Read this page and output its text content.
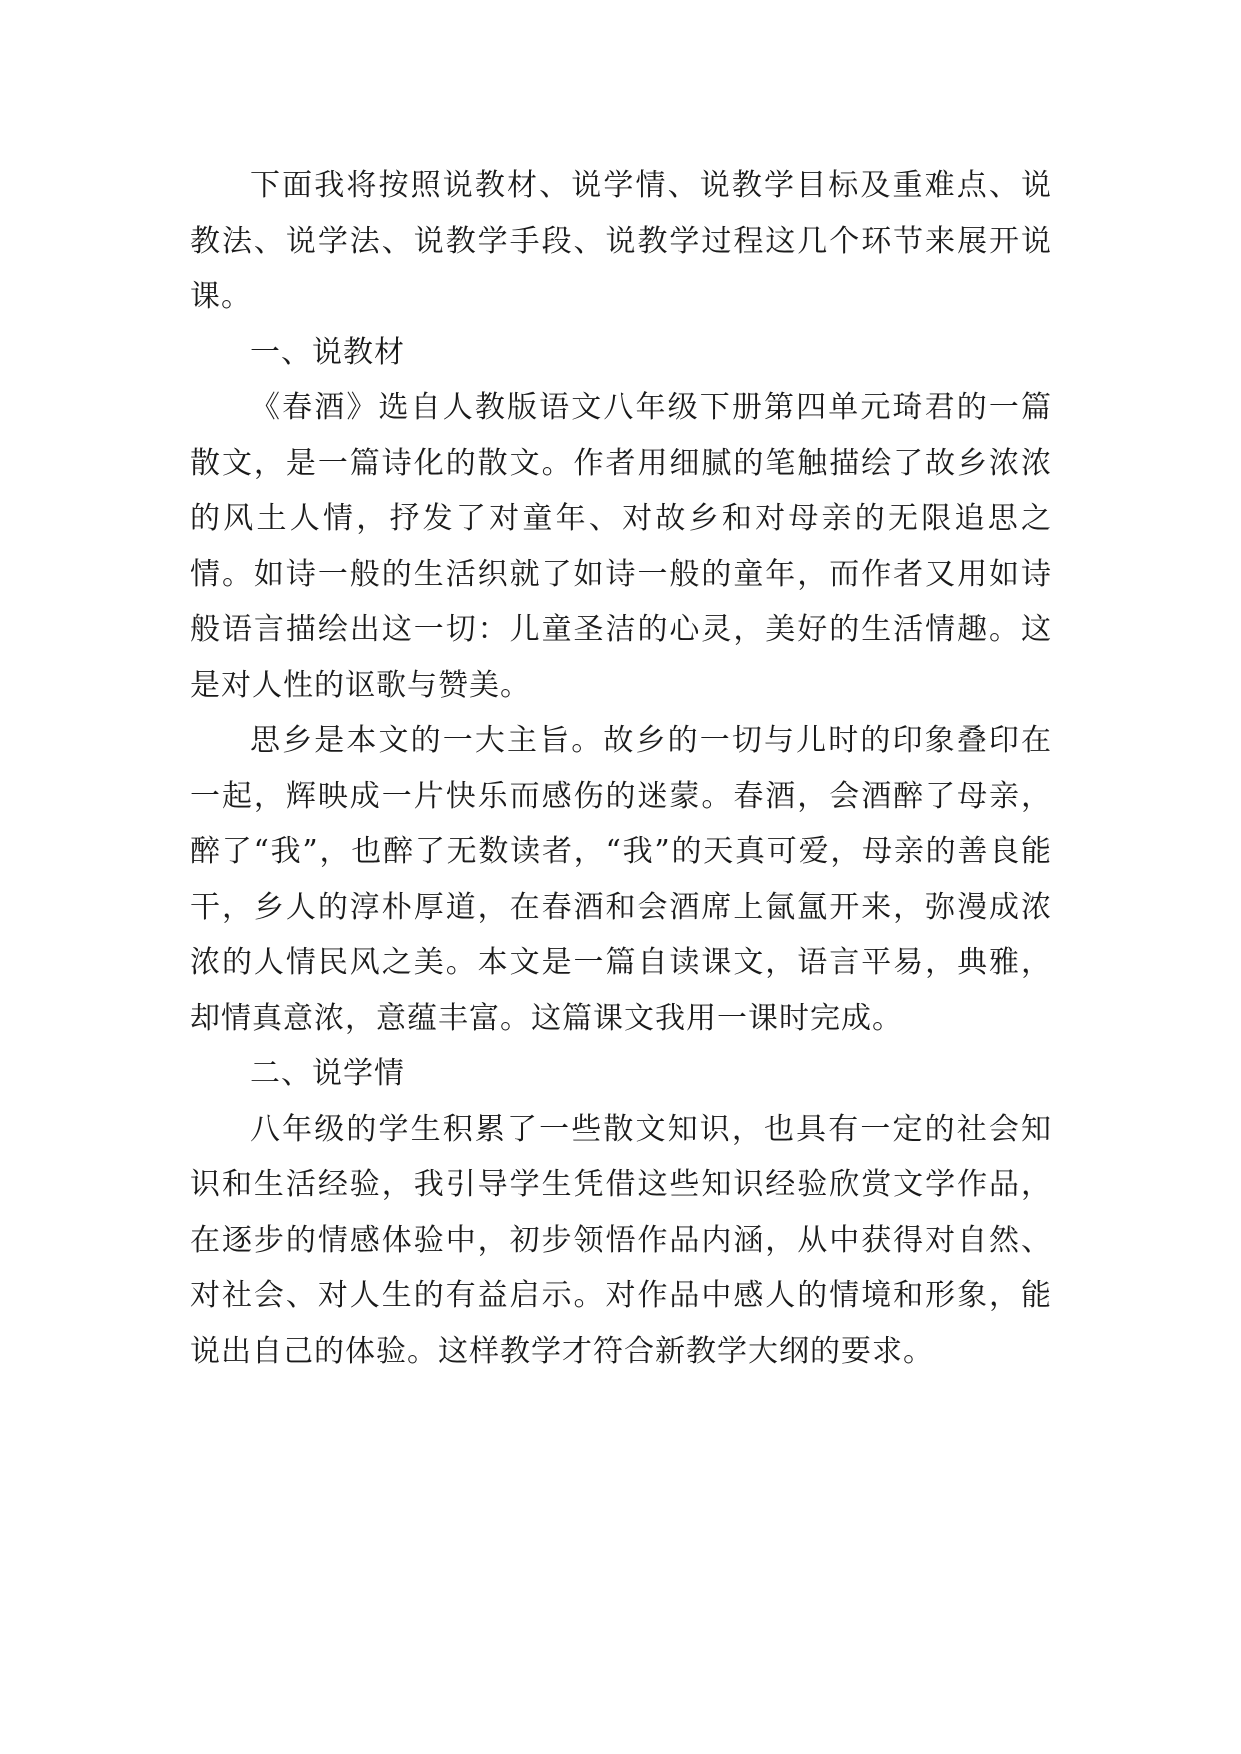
下面我将按照说教材、说学情、说教学目标及重难点、说教法、说学法、说教学手段、说教学过程这几个环节来展开说课。

一、说教材

《春酒》选自人教版语文八年级下册第四单元琦君的一篇散文，是一篇诗化的散文。作者用细腻的笔触描绘了故乡浓浓的风土人情，抒发了对童年、对故乡和对母亲的无限追思之情。如诗一般的生活织就了如诗一般的童年，而作者又用如诗般语言描绘出这一切：儿童圣洁的心灵，美好的生活情趣。这是对人性的讴歌与赞美。

思乡是本文的一大主旨。故乡的一切与儿时的印象叠印在一起，辉映成一片快乐而感伤的迷蒙。春酒，会酒醉了母亲，醉了“我”，也醉了无数读者，“我”的天真可爱，母亲的善良能干，乡人的淳朴厚道，在春酒和会酒席上氤氲开来，弥漫成浓浓的人情民风之美。本文是一篇自读课文，语言平易，典雅，却情真意浓，意蕴丰富。这篇课文我用一课时完成。

二、说学情

八年级的学生积累了一些散文知识，也具有一定的社会知识和生活经验，我引导学生凭借这些知识经验欣赏文学作品，在逐步的情感体验中，初步领悟作品内涵，从中获得对自然、对社会、对人生的有益启示。对作品中感人的情境和形象，能说出自己的体验。这样教学才符合新教学大纲的要求。
